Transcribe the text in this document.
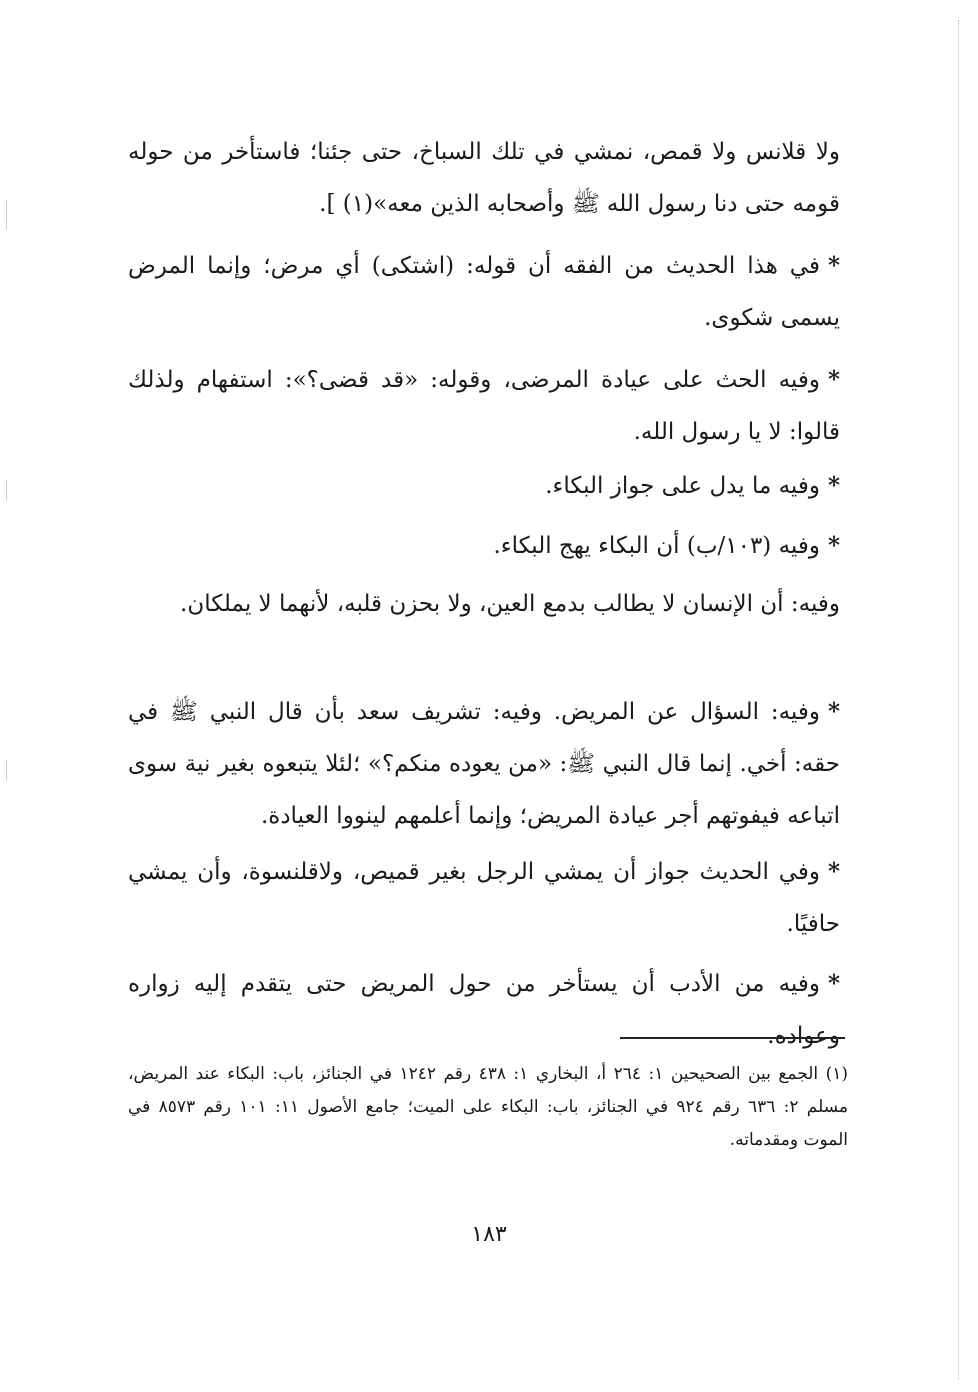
ولا قلانس ولا قمص، نمشي في تلك السباخ، حتى جئنا؛ فاستأخر من حوله قومه حتى دنا رسول الله ﷺ وأصحابه الذين معه»(١) ].
*في هذا الحديث من الفقه أن قوله: (اشتكى) أي مرض؛ وإنما المرض يسمى شكوى.
*وفيه الحث على عيادة المرضى، وقوله: «قد قضى؟»: استفهام ولذلك قالوا: لا يا رسول الله.
*وفيه ما يدل على جواز البكاء.
*وفيه (١٠٣/ب) أن البكاء يهج البكاء.
وفيه: أن الإنسان لا يطالب بدمع العين، ولا بحزن قلبه، لأنهما لا يملكان.
*وفيه: السؤال عن المريض. وفيه: تشريف سعد بأن قال النبي ﷺ في حقه: أخي. إنما قال النبي ﷺ: «من يعوده منكم؟» ؛لئلا يتبعوه بغير نية سوى اتباعه فيفوتهم أجر عيادة المريض؛ وإنما أعلمهم لينووا العيادة.
*وفي الحديث جواز أن يمشي الرجل بغير قميص، ولاقلنسوة، وأن يمشي حافيًا.
*وفيه من الأدب أن يستأخر من حول المريض حتى يتقدم إليه زواره وعواده.
(١) الجمع بين الصحيحين ١: ٢٦٤ أ، البخاري ١: ٤٣٨ رقم ١٢٤٢ في الجنائز، باب: البكاء عند المريض، مسلم ٢: ٦٣٦ رقم ٩٢٤ في الجنائز، باب: البكاء على الميت؛ جامع الأصول ١١: ١٠١ رقم ٨٥٧٣ في الموت ومقدماته.
١٨٣
